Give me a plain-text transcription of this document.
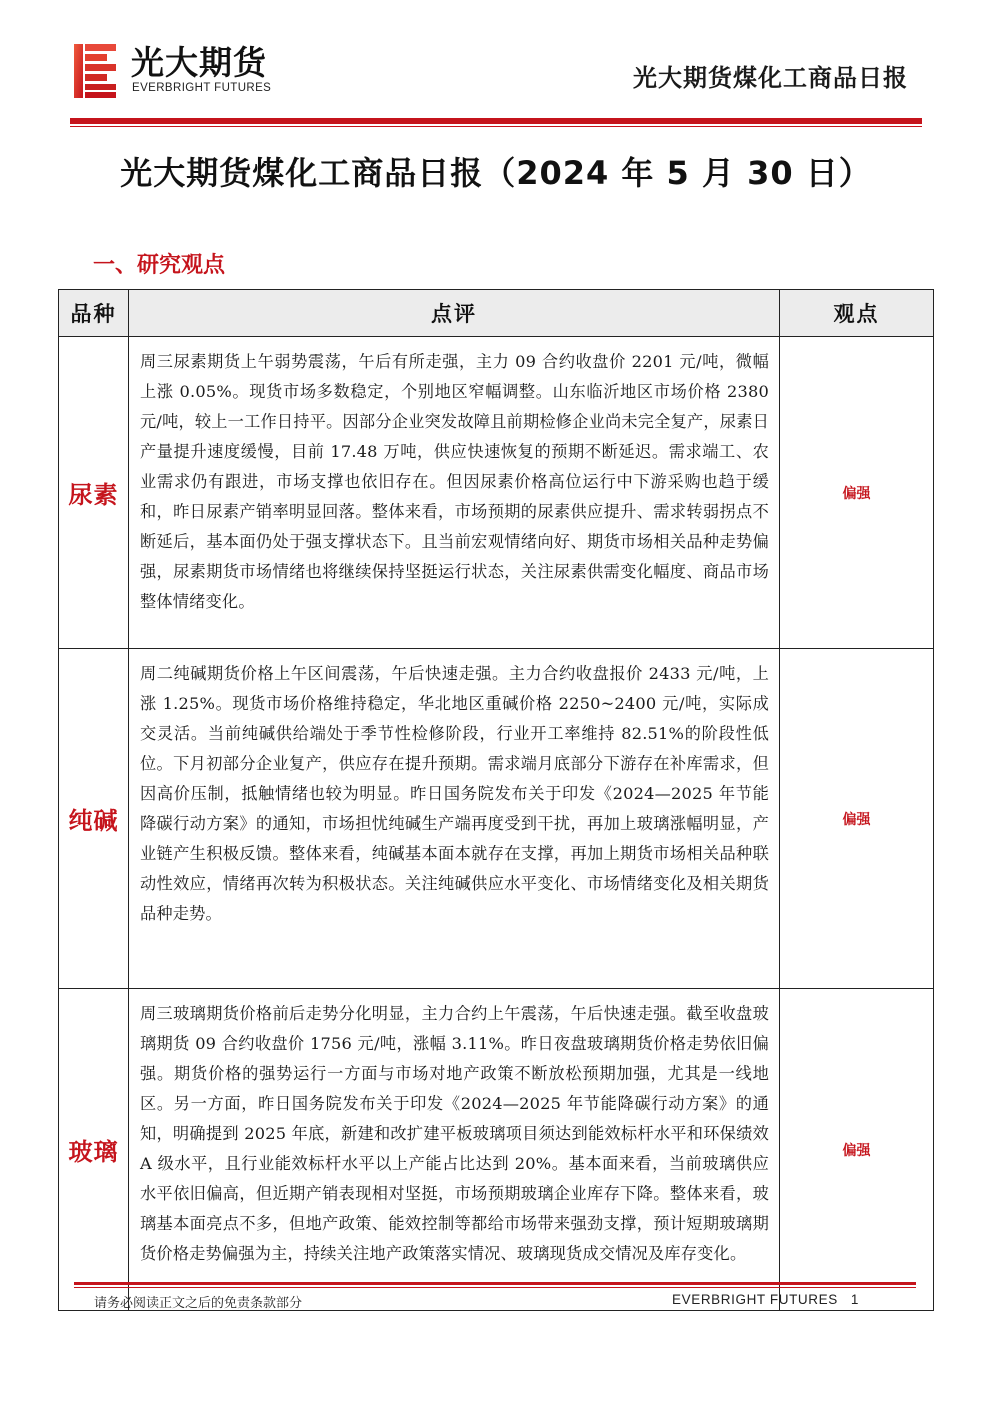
光大期货
EVERBRIGHT FUTURES	光大期货煤化工商品日报
光大期货煤化工商品日报（2024 年 5 月 30 日）
一、研究观点
品种	点评	观点
尿素	周三尿素期货上午弱势震荡，午后有所走强，主力 09 合约收盘价 2201 元/吨，微幅上涨 0.05%。现货市场多数稳定，个别地区窄幅调整。山东临沂地区市场价格 2380 元/吨，较上一工作日持平。因部分企业突发故障且前期检修企业尚未完全复产，尿素日产量提升速度缓慢，目前 17.48 万吨，供应快速恢复的预期不断延迟。需求端工、农业需求仍有跟进，市场支撑也依旧存在。但因尿素价格高位运行中下游采购也趋于缓和，昨日尿素产销率明显回落。整体来看，市场预期的尿素供应提升、需求转弱拐点不断延后，基本面仍处于强支撑状态下。且当前宏观情绪向好、期货市场相关品种走势偏强，尿素期货市场情绪也将继续保持坚挺运行状态，关注尿素供需变化幅度、商品市场整体情绪变化。	偏强
纯碱	周二纯碱期货价格上午区间震荡，午后快速走强。主力合约收盘报价 2433 元/吨，上涨 1.25%。现货市场价格维持稳定，华北地区重碱价格 2250~2400 元/吨，实际成交灵活。当前纯碱供给端处于季节性检修阶段，行业开工率维持 82.51%的阶段性低位。下月初部分企业复产，供应存在提升预期。需求端月底部分下游存在补库需求，但因高价压制，抵触情绪也较为明显。昨日国务院发布关于印发《2024—2025 年节能降碳行动方案》的通知，市场担忧纯碱生产端再度受到干扰，再加上玻璃涨幅明显，产业链产生积极反馈。整体来看，纯碱基本面本就存在支撑，再加上期货市场相关品种联动性效应，情绪再次转为积极状态。关注纯碱供应水平变化、市场情绪变化及相关期货品种走势。	偏强
玻璃	周三玻璃期货价格前后走势分化明显，主力合约上午震荡，午后快速走强。截至收盘玻璃期货 09 合约收盘价 1756 元/吨，涨幅 3.11%。昨日夜盘玻璃期货价格走势依旧偏强。期货价格的强势运行一方面与市场对地产政策不断放松预期加强，尤其是一线地区。另一方面，昨日国务院发布关于印发《2024—2025 年节能降碳行动方案》的通知，明确提到 2025 年底，新建和改扩建平板玻璃项目须达到能效标杆水平和环保绩效 A 级水平，且行业能效标杆水平以上产能占比达到 20%。基本面来看，当前玻璃供应水平依旧偏高，但近期产销表现相对坚挺，市场预期玻璃企业库存下降。整体来看，玻璃基本面亮点不多，但地产政策、能效控制等都给市场带来强劲支撑，预计短期玻璃期货价格走势偏强为主，持续关注地产政策落实情况、玻璃现货成交情况及库存变化。	偏强
请务必阅读正文之后的免责条款部分	EVERBRIGHT FUTURES 1
